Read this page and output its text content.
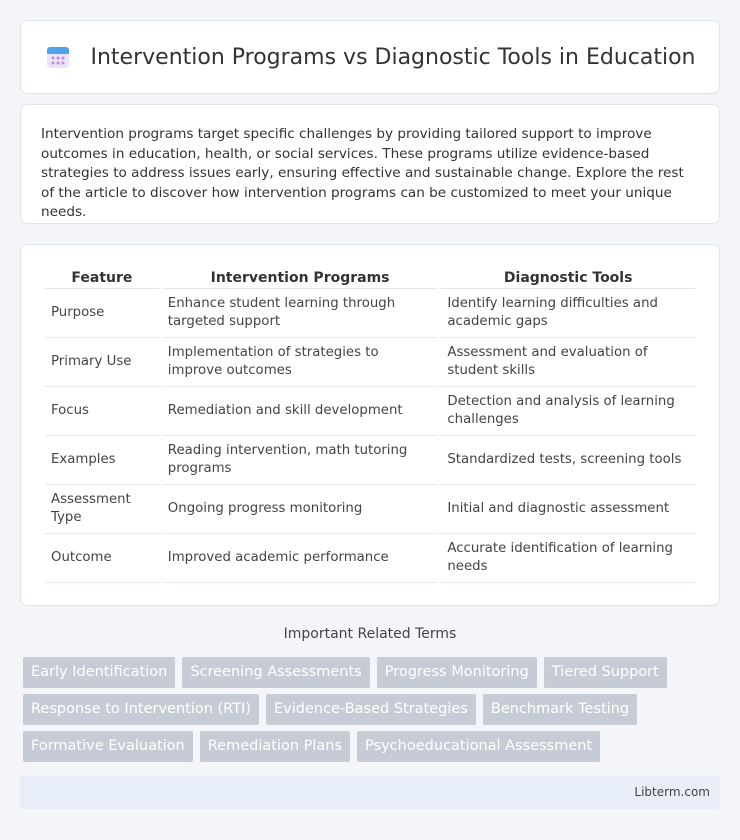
Intervention Programs vs Diagnostic Tools in Education

Intervention programs target specific challenges by providing tailored support to improve outcomes in education, health, or social services. These programs utilize evidence-based strategies to address issues early, ensuring effective and sustainable change. Explore the rest of the article to discover how intervention programs can be customized to meet your unique needs.

Feature	Intervention Programs	Diagnostic Tools
Purpose	Enhance student learning through targeted support	Identify learning difficulties and academic gaps
Primary Use	Implementation of strategies to improve outcomes	Assessment and evaluation of student skills
Focus	Remediation and skill development	Detection and analysis of learning challenges
Examples	Reading intervention, math tutoring programs	Standardized tests, screening tools
Assessment Type	Ongoing progress monitoring	Initial and diagnostic assessment
Outcome	Improved academic performance	Accurate identification of learning needs
Important Related Terms
Early Identification	Screening Assessments	Progress Monitoring	Tiered Support
Response to Intervention (RTI)	Evidence-Based Strategies	Benchmark Testing
Formative Evaluation	Remediation Plans	Psychoeducational Assessment
Libterm.com
